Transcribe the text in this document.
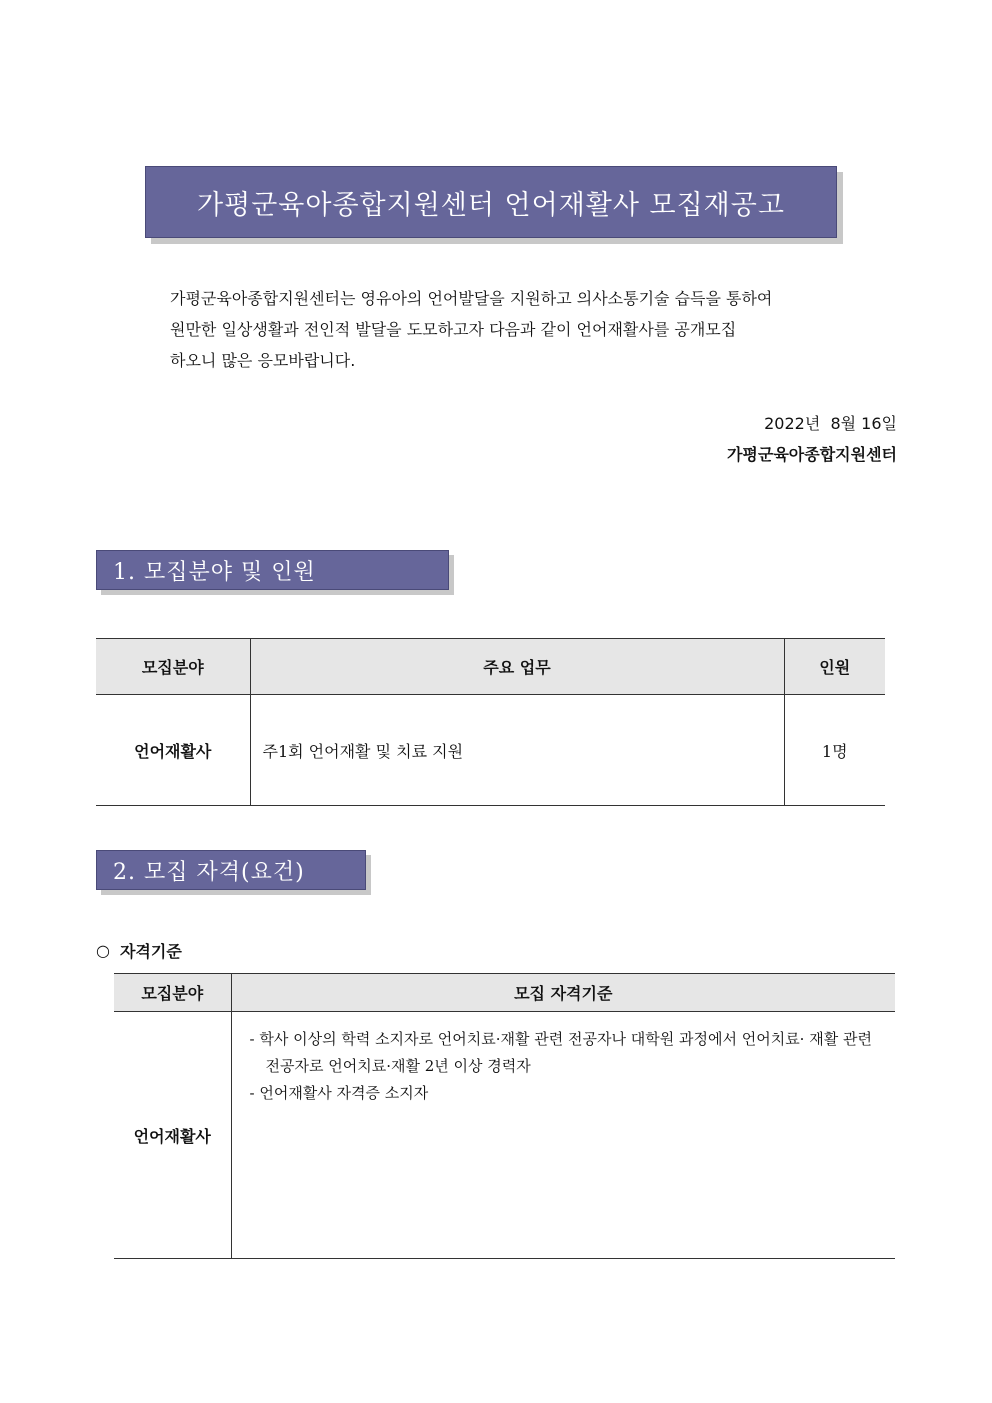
가평군육아종합지원센터 언어재활사 모집재공고
가평군육아종합지원센터는 영유아의 언어발달을 지원하고 의사소통기술 습득을 통하여
원만한 일상생활과 전인적 발달을 도모하고자 다음과 같이 언어재활사를 공개모집
하오니 많은 응모바랍니다.
2022년  8월 16일
가평군육아종합지원센터
1. 모집분야 및 인원
모집분야	주요 업무	인원
언어재활사	주1회 언어재활 및 치료 지원	1명
2. 모집 자격(요건)
○ 자격기준
모집분야	모집 자격기준
언어재활사	- 학사 이상의 학력 소지자로 언어치료·재활 관련 전공자나 대학원 과정에서 언어치료· 재활 관련 전공자로 언어치료·재활 2년 이상 경력자
- 언어재활사 자격증 소지자
